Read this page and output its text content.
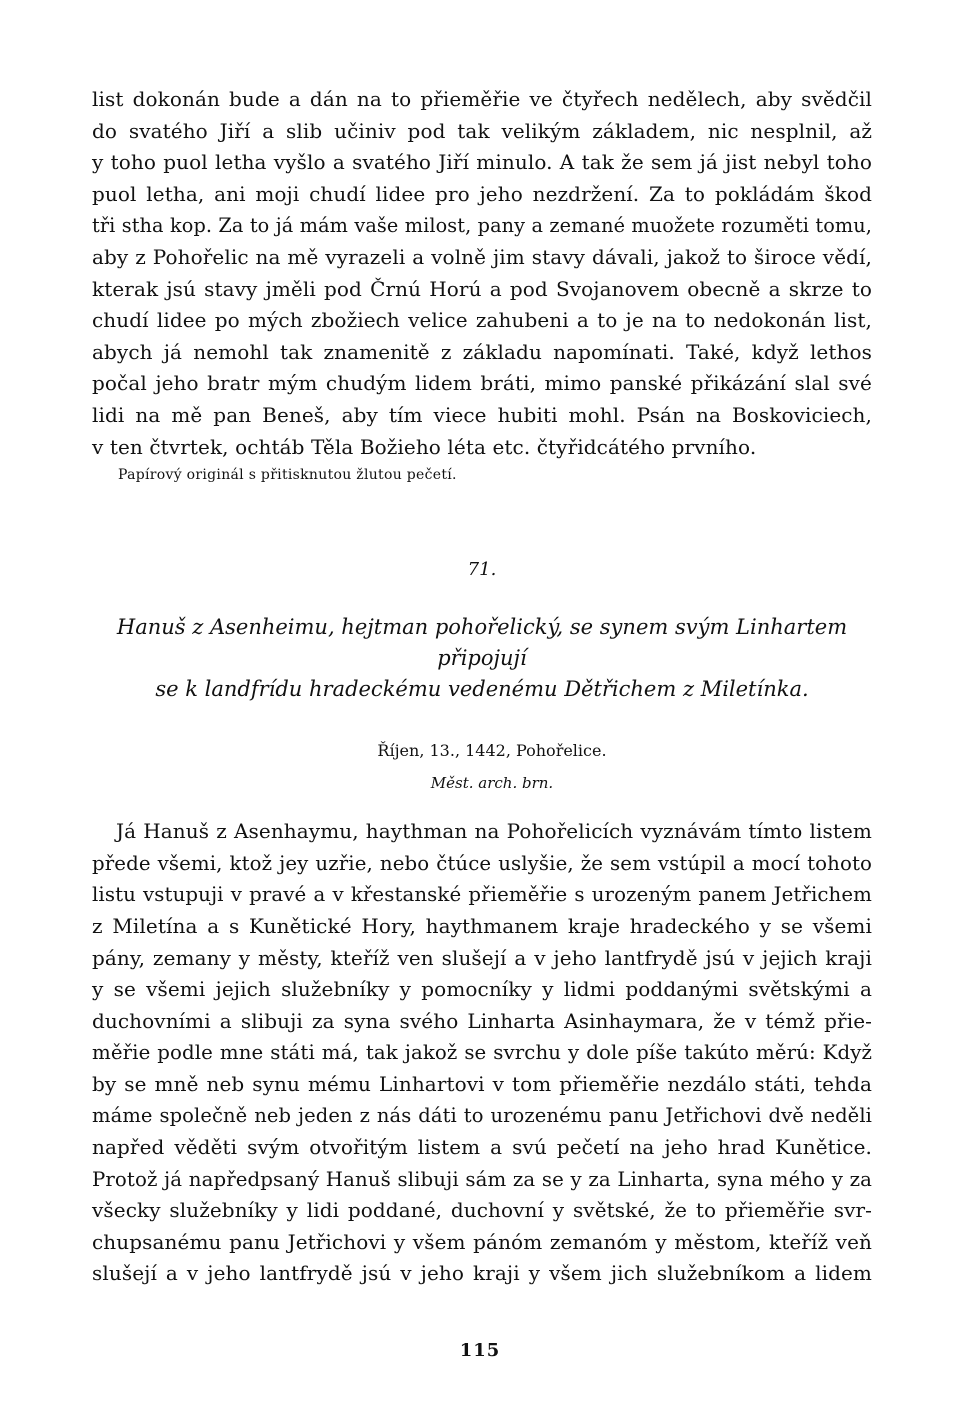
list dokonán bude a dán na to přieměřie ve čtyřech nedělech, aby svědčil
do svatého Jiří a slib učiniv pod tak velikým základem, nic nesplnil, až
y toho puol letha vyšlo a svatého Jiří minulo. A tak že sem já jist nebyl toho
puol letha, ani moji chudí lidee pro jeho nezdržení. Za to pokládám škod
tři stha kop. Za to já mám vaše milost, pany a zemané muožete rozuměti tomu,
aby z Pohořelic na mě vyrazeli a volně jim stavy dávali, jakož to široce vědí,
kterak jsú stavy jměli pod Črnú Horú a pod Svojanovem obecně a skrze to
chudí lidee po mých zbožiech velice zahubeni a to je na to nedokonán list,
abych já nemohl tak znamenitě z základu napomínati. Také, když lethos
počal jeho bratr mým chudým lidem bráti, mimo panské přikázání slal své
lidi na mě pan Beneš, aby tím viece hubiti mohl. Psán na Boskoviciech,
v ten čtvrtek, ochtáb Těla Božieho léta etc. čtyřidcátého prvního.
Papírový originál s přitisknutou žlutou pečetí.
71.
Hanuš z Asenheimu, hejtman pohořelický, se synem svým Linhartem připojují
se k landfrídu hradeckému vedenému Dětřichem z Miletínka.
Říjen, 13., 1442, Pohořelice.
Měst. arch. brn.
Já Hanuš z Asenhaymu, haythman na Pohořelicích vyznávám tímto listem
přede všemi, ktož jey uzřie, nebo čtúce uslyšie, že sem vstúpil a mocí tohoto
listu vstupuji v pravé a v křestanské přieměřie s urozeným panem Jetřichem
z Miletína a s Kunětické Hory, haythmanem kraje hradeckého y se všemi
pány, zemany y městy, kteříž ven slušejí a v jeho lantfrydě jsú v jejich kraji
y se všemi jejich služebníky y pomocníky y lidmi poddanými světskými a
duchovními a slibuji za syna svého Linharta Asinhaymara, že v témž přie-
měřie podle mne státi má, tak jakož se svrchu y dole píše takúto měrú: Když
by se mně neb synu mému Linhartovi v tom přieměřie nezdálo státi, tehda
máme společně neb jeden z nás dáti to urozenému panu Jetřichovi dvě neděli
napřed věděti svým otvořitým listem a svú pečetí na jeho hrad Kunětice.
Protož já napředpsaný Hanuš slibuji sám za se y za Linharta, syna mého y za
všecky služebníky y lidi poddané, duchovní y světské, že to přieměřie svr-
chupsanému panu Jetřichovi y všem pánóm zemanóm y městom, kteříž veň
slušejí a v jeho lantfrydě jsú v jeho kraji y všem jich služebníkom a lidem
115
